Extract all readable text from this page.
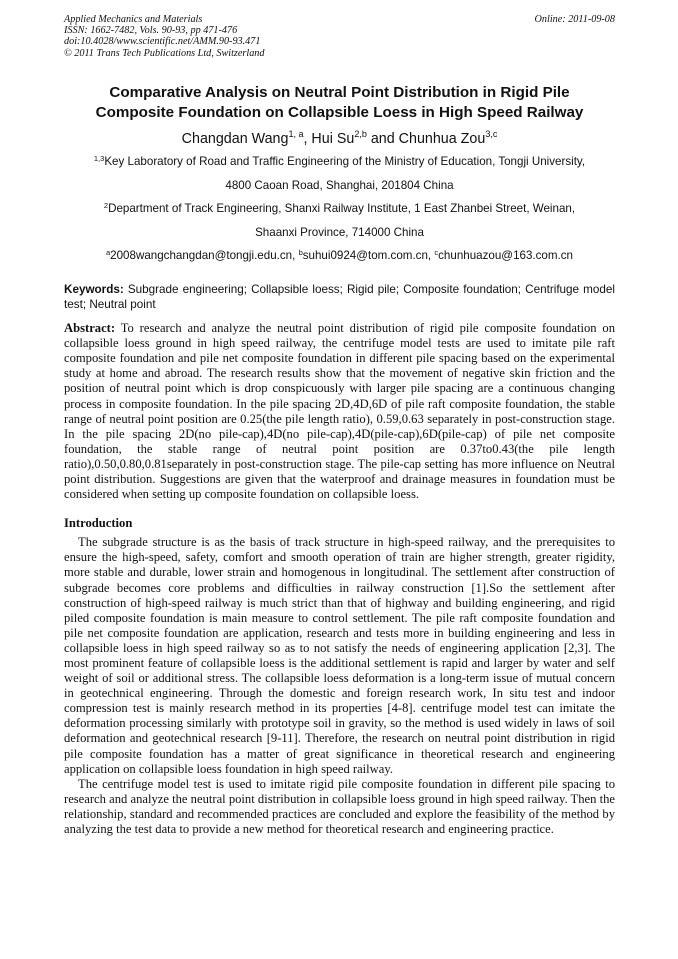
Applied Mechanics and Materials
ISSN: 1662-7482, Vols. 90-93, pp 471-476
doi:10.4028/www.scientific.net/AMM.90-93.471
© 2011 Trans Tech Publications Ltd, Switzerland
Online: 2011-09-08
Comparative Analysis on Neutral Point Distribution in Rigid Pile
Composite Foundation on Collapsible Loess in High Speed Railway
Changdan Wang$^{1, a}$, Hui Su$^{2,b}$ and Chunhua Zou$^{3,c}$
$^{1,3}$Key Laboratory of Road and Traffic Engineering of the Ministry of Education, Tongji University,
4800 Caoan Road, Shanghai, 201804 China
$^2$Department of Track Engineering, Shanxi Railway Institute, 1 East Zhanbei Street, Weinan,
Shaanxi Province, 714000 China
$^a$2008wangchangdan@tongji.edu.cn, $^b$suhui0924@tom.com.cn, $^c$chunhuazou@163.com.cn
Keywords: Subgrade engineering; Collapsible loess; Rigid pile; Composite foundation; Centrifuge model test; Neutral point
Abstract: To research and analyze the neutral point distribution of rigid pile composite foundation on collapsible loess ground in high speed railway, the centrifuge model tests are used to imitate pile raft composite foundation and pile net composite foundation in different pile spacing based on the experimental study at home and abroad. The research results show that the movement of negative skin friction and the position of neutral point which is drop conspicuously with larger pile spacing are a continuous changing process in composite foundation. In the pile spacing 2D,4D,6D of pile raft composite foundation, the stable range of neutral point position are 0.25(the pile length ratio), 0.59,0.63 separately in post-construction stage. In the pile spacing 2D(no pile-cap),4D(no pile-cap),4D(pile-cap),6D(pile-cap) of pile net composite foundation, the stable range of neutral point position are 0.37to0.43(the pile length ratio),0.50,0.80,0.81separately in post-construction stage. The pile-cap setting has more influence on Neutral point distribution. Suggestions are given that the waterproof and drainage measures in foundation must be considered when setting up composite foundation on collapsible loess.
Introduction

The subgrade structure is as the basis of track structure in high-speed railway, and the prerequisites to ensure the high-speed, safety, comfort and smooth operation of train are higher strength, greater rigidity, more stable and durable, lower strain and homogenous in longitudinal. The settlement after construction of subgrade becomes core problems and difficulties in railway construction [1].So the settlement after construction of high-speed railway is much strict than that of highway and building engineering, and rigid piled composite foundation is main measure to control settlement. The pile raft composite foundation and pile net composite foundation are application, research and tests more in building engineering and less in collapsible loess in high speed railway so as to not satisfy the needs of engineering application [2,3]. The most prominent feature of collapsible loess is the additional settlement is rapid and larger by water and self weight of soil or additional stress. The collapsible loess deformation is a long-term issue of mutual concern in geotechnical engineering. Through the domestic and foreign research work, In situ test and indoor compression test is mainly research method in its properties [4-8]. centrifuge model test can imitate the deformation processing similarly with prototype soil in gravity, so the method is used widely in laws of soil deformation and geotechnical research [9-11]. Therefore, the research on neutral point distribution in rigid pile composite foundation has a matter of great significance in theoretical research and engineering application on collapsible loess foundation in high speed railway.

The centrifuge model test is used to imitate rigid pile composite foundation in different pile spacing to research and analyze the neutral point distribution in collapsible loess ground in high speed railway. Then the relationship, standard and recommended practices are concluded and explore the feasibility of the method by analyzing the test data to provide a new method for theoretical research and engineering practice.
